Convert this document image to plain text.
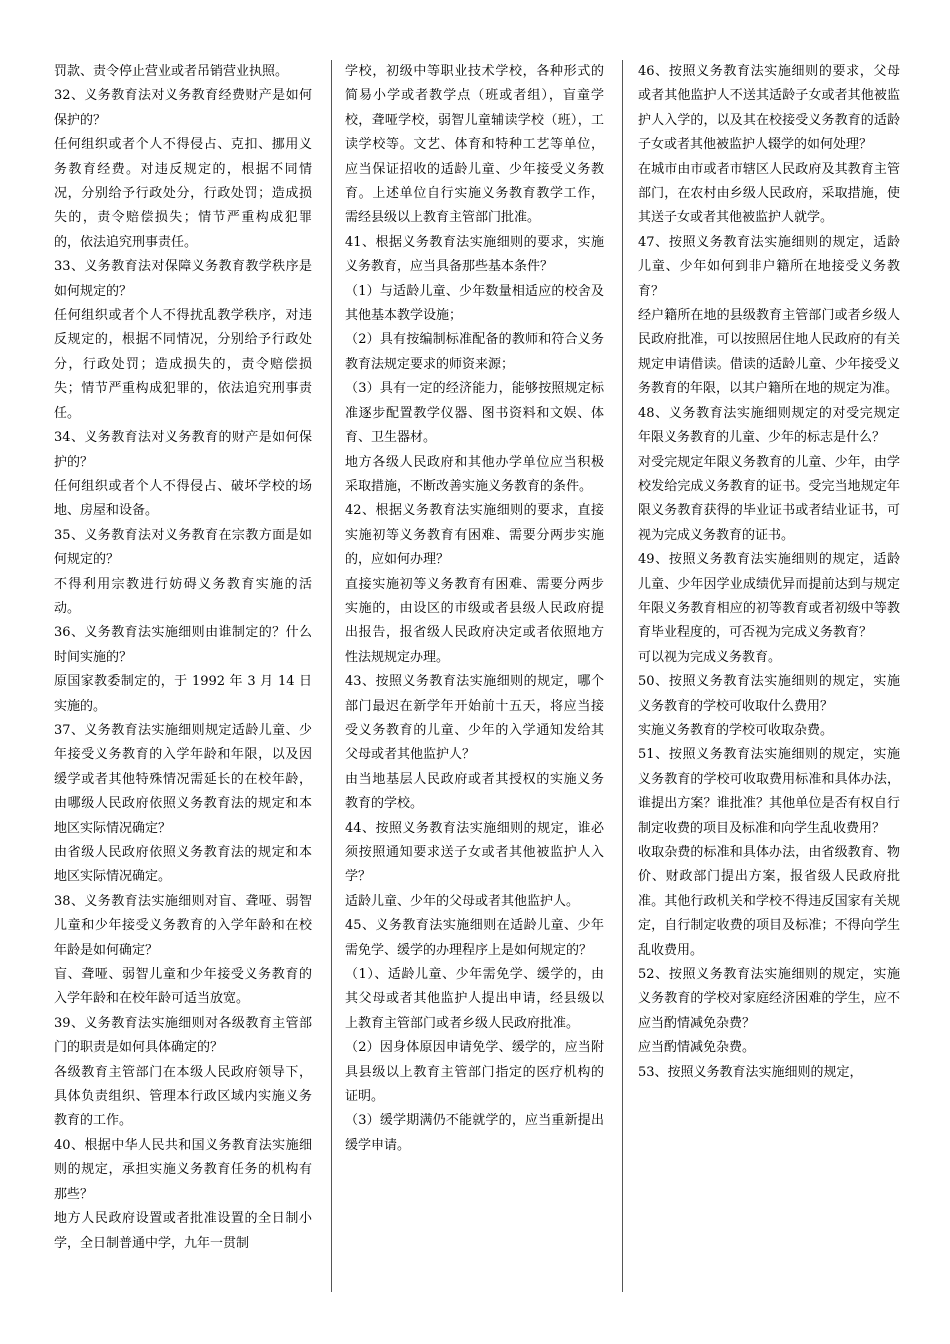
罚款、责令停止营业或者吊销营业执照。

32、义务教育法对义务教育经费财产是如何保护的？

任何组织或者个人不得侵占、克扣、挪用义务教育经费。对违反规定的，根据不同情况，分别给予行政处分，行政处罚；造成损失的，责令赔偿损失；情节严重构成犯罪的，依法追究刑事责任。

33、义务教育法对保障义务教育教学秩序是如何规定的？

任何组织或者个人不得扰乱教学秩序，对违反规定的，根据不同情况，分别给予行政处分，行政处罚；造成损失的，责令赔偿损失；情节严重构成犯罪的，依法追究刑事责任。

34、义务教育法对义务教育的财产是如何保护的？

任何组织或者个人不得侵占、破坏学校的场地、房屋和设备。

35、义务教育法对义务教育在宗教方面是如何规定的？

不得利用宗教进行妨碍义务教育实施的活动。

36、义务教育法实施细则由谁制定的？什么时间实施的？

原国家教委制定的，于 1992 年 3 月 14 日实施的。

37、义务教育法实施细则规定适龄儿童、少年接受义务教育的入学年龄和年限，以及因缓学或者其他特殊情况需延长的在校年龄，由哪级人民政府依照义务教育法的规定和本地区实际情况确定？

由省级人民政府依照义务教育法的规定和本地区实际情况确定。

38、义务教育法实施细则对盲、聋哑、弱智儿童和少年接受义务教育的入学年龄和在校年龄是如何确定？

盲、聋哑、弱智儿童和少年接受义务教育的入学年龄和在校年龄可适当放宽。

39、义务教育法实施细则对各级教育主管部门的职责是如何具体确定的？

各级教育主管部门在本级人民政府领导下，具体负责组织、管理本行政区域内实施义务教育的工作。

40、根据中华人民共和国义务教育法实施细则的规定，承担实施义务教育任务的机构有那些？

地方人民政府设置或者批准设置的全日制小学，全日制普通中学，九年一贯制

学校，初级中等职业技术学校，各种形式的简易小学或者教学点（班或者组），盲童学校，聋哑学校，弱智儿童辅读学校（班），工读学校等。文艺、体育和特种工艺等单位，应当保证招收的适龄儿童、少年接受义务教育。上述单位自行实施义务教育教学工作，需经县级以上教育主管部门批准。

41、根据义务教育法实施细则的要求，实施义务教育，应当具备那些基本条件？

（1）与适龄儿童、少年数量相适应的校舍及其他基本教学设施；

（2）具有按编制标准配备的教师和符合义务教育法规定要求的师资来源；

（3）具有一定的经济能力，能够按照规定标准逐步配置教学仪器、图书资料和文娱、体育、卫生器材。

地方各级人民政府和其他办学单位应当积极采取措施，不断改善实施义务教育的条件。

42、根据义务教育法实施细则的要求，直接实施初等义务教育有困难、需要分两步实施的，应如何办理？

直接实施初等义务教育有困难、需要分两步实施的，由设区的市级或者县级人民政府提出报告，报省级人民政府决定或者依照地方性法规规定办理。

43、按照义务教育法实施细则的规定，哪个部门最迟在新学年开始前十五天，将应当接受义务教育的儿童、少年的入学通知发给其父母或者其他监护人？

由当地基层人民政府或者其授权的实施义务教育的学校。

44、按照义务教育法实施细则的规定，谁必须按照通知要求送子女或者其他被监护人入学？

适龄儿童、少年的父母或者其他监护人。

45、义务教育法实施细则在适龄儿童、少年需免学、缓学的办理程序上是如何规定的？

（1）、适龄儿童、少年需免学、缓学的，由其父母或者其他监护人提出申请，经县级以上教育主管部门或者乡级人民政府批准。

（2）因身体原因申请免学、缓学的，应当附具县级以上教育主管部门指定的医疗机构的证明。

（3）缓学期满仍不能就学的，应当重新提出缓学申请。

46、按照义务教育法实施细则的要求，父母或者其他监护人不送其适龄子女或者其他被监护人入学的，以及其在校接受义务教育的适龄子女或者其他被监护人辍学的如何处理？

在城市由市或者市辖区人民政府及其教育主管部门，在农村由乡级人民政府，采取措施，使其送子女或者其他被监护人就学。

47、按照义务教育法实施细则的规定，适龄儿童、少年如何到非户籍所在地接受义务教育？

经户籍所在地的县级教育主管部门或者乡级人民政府批准，可以按照居住地人民政府的有关规定申请借读。借读的适龄儿童、少年接受义务教育的年限，以其户籍所在地的规定为准。

48、义务教育法实施细则规定的对受完规定年限义务教育的儿童、少年的标志是什么？

对受完规定年限义务教育的儿童、少年，由学校发给完成义务教育的证书。受完当地规定年限义务教育获得的毕业证书或者结业证书，可视为完成义务教育的证书。

49、按照义务教育法实施细则的规定，适龄儿童、少年因学业成绩优异而提前达到与规定年限义务教育相应的初等教育或者初级中等教育毕业程度的，可否视为完成义务教育？

可以视为完成义务教育。

50、按照义务教育法实施细则的规定，实施义务教育的学校可收取什么费用？

实施义务教育的学校可收取杂费。

51、按照义务教育法实施细则的规定，实施义务教育的学校可收取费用标准和具体办法，谁提出方案？谁批准？其他单位是否有权自行制定收费的项目及标准和向学生乱收费用？

收取杂费的标准和具体办法，由省级教育、物价、财政部门提出方案，报省级人民政府批准。其他行政机关和学校不得违反国家有关规定，自行制定收费的项目及标准；不得向学生乱收费用。

52、按照义务教育法实施细则的规定，实施义务教育的学校对家庭经济困难的学生，应不应当酌情减免杂费？

应当酌情减免杂费。

53、按照义务教育法实施细则的规定，
